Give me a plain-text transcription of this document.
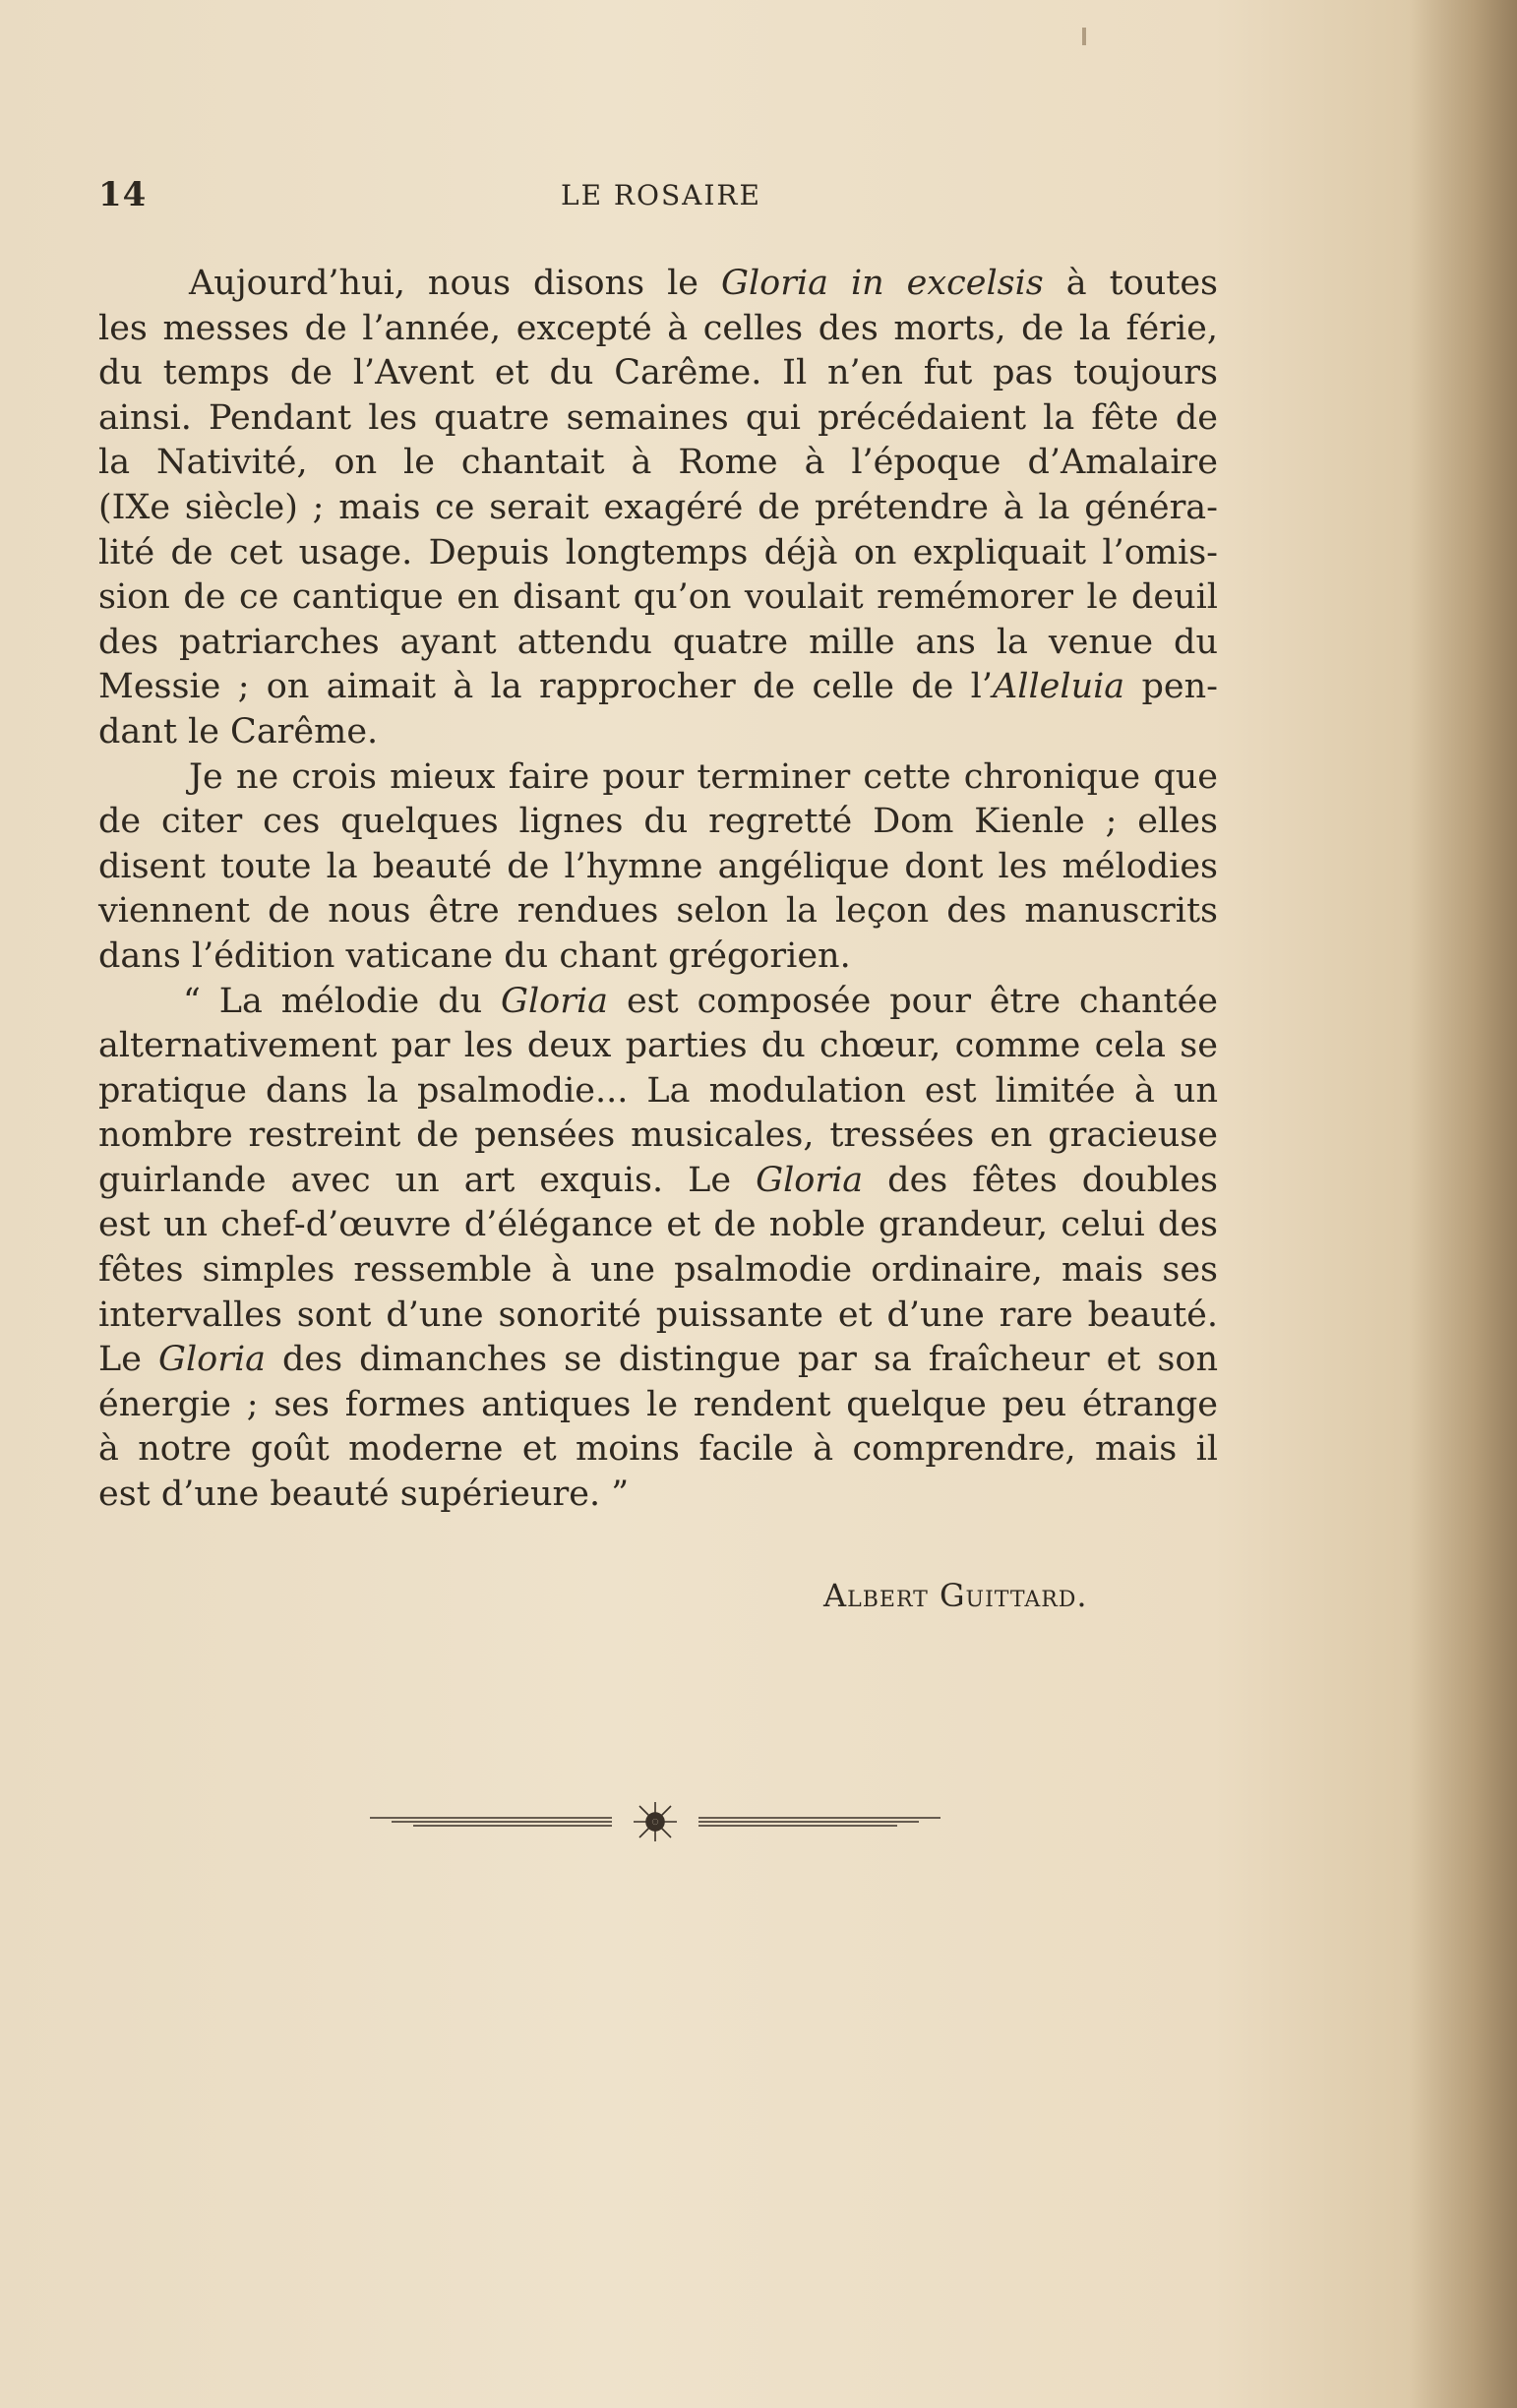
14	LE ROSAIRE
Aujourd’hui, nous disons le Gloria in excelsis à toutes
les messes de l’année, excepté à celles des morts, de la férie,
du temps de l’Avent et du Carême. Il n’en fut pas toujours
ainsi. Pendant les quatre semaines qui précédaient la fête de
la Nativité, on le chantait à Rome à l’époque d’Amalaire
(IXe siècle) ; mais ce serait exagéré de prétendre à la généra-
lité de cet usage. Depuis longtemps déjà on expliquait l’omis-
sion de ce cantique en disant qu’on voulait remémorer le deuil
des patriarches ayant attendu quatre mille ans la venue du
Messie ; on aimait à la rapprocher de celle de l’Alleluia pen-
dant le Carême.
Je ne crois mieux faire pour terminer cette chronique que
de citer ces quelques lignes du regretté Dom Kienle ; elles
disent toute la beauté de l’hymne angélique dont les mélodies
viennent de nous être rendues selon la leçon des manuscrits
dans l’édition vaticane du chant grégorien.
“ La mélodie du Gloria est composée pour être chantée
alternativement par les deux parties du chœur, comme cela se
pratique dans la psalmodie... La modulation est limitée à un
nombre restreint de pensées musicales, tressées en gracieuse
guirlande avec un art exquis. Le Gloria des fêtes doubles
est un chef-d’œuvre d’élégance et de noble grandeur, celui des
fêtes simples ressemble à une psalmodie ordinaire, mais ses
intervalles sont d’une sonorité puissante et d’une rare beauté.
Le Gloria des dimanches se distingue par sa fraîcheur et son
énergie ; ses formes antiques le rendent quelque peu étrange
à notre goût moderne et moins facile à comprendre, mais il
est d’une beauté supérieure. ”
Albert Guittard.
